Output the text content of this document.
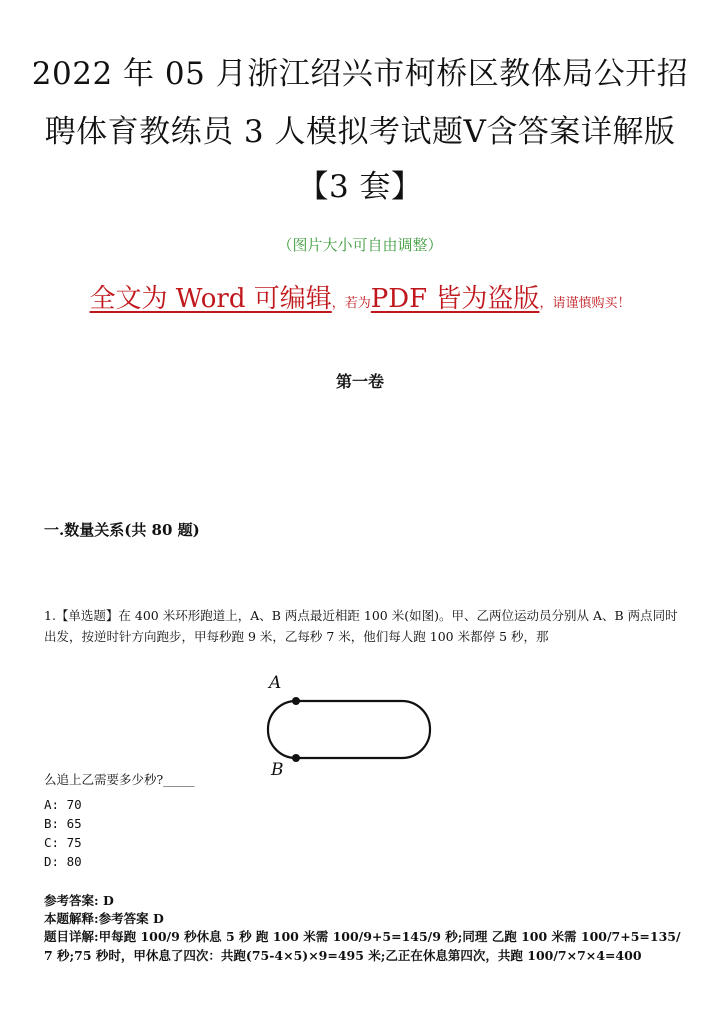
2022 年 05 月浙江绍兴市柯桥区教体局公开招
聘体育教练员 3 人模拟考试题Ⅴ含答案详解版
【3 套】
（图片大小可自由调整）
全文为 Word 可编辑，若为PDF 皆为盗版，请谨慎购买！
第一卷
一.数量关系(共 80 题)
1.【单选题】在 400 米环形跑道上，A、B 两点最近相距 100 米(如图)。甲、乙两位运动员分别从 A、B 两点同时出发，按逆时针方向跑步，甲每秒跑 9 米，乙每秒 7 米，他们每人跑 100 米都停 5 秒，那
A
B
么追上乙需要多少秒?_____
A: 70
B: 65
C: 75
D: 80
参考答案: D
本题解释:参考答案 D
题目详解:甲每跑 100/9 秒休息 5 秒 跑 100 米需 100/9+5=145/9 秒;同理 乙跑 100 米需 100/7+5=135/7 秒;75 秒时，甲休息了四次：共跑(75-4×5)×9=495 米;乙正在休息第四次，共跑 100/7×7×4=400
